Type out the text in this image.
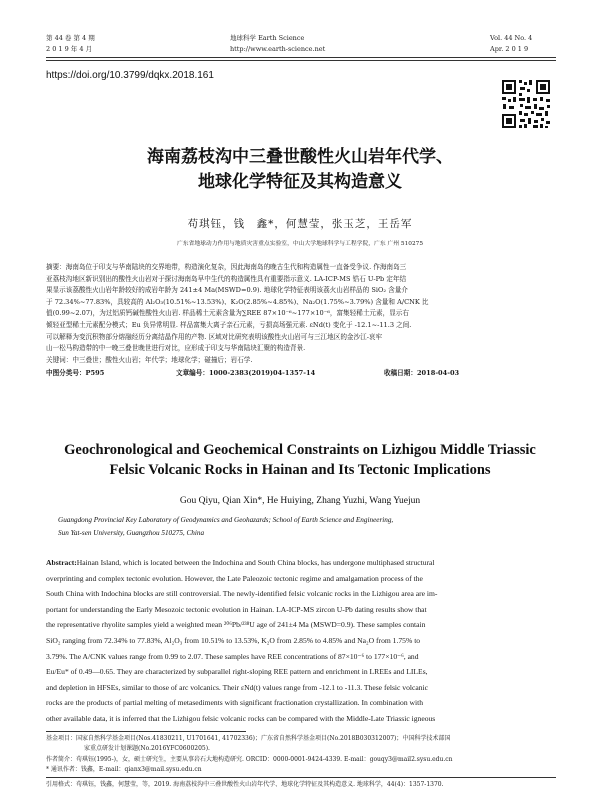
第 44 卷 第 4 期
2 0 1 9 年 4 月
地球科学 Earth Science
http://www.earth-science.net
Vol. 44 No. 4
Apr. 2 0 1 9
https://doi.org/10.3799/dqkx.2018.161
海南荔枝沟中三叠世酸性火山岩年代学、
地球化学特征及其构造意义
苟琪钰，钱　鑫*，何慧莹，张玉芝，王岳军
广东省地球动力作用与地质灾害重点实验室，中山大学地球科学与工程学院，广东 广州 510275
摘要：海南岛位于印支与华南陆块的交界地带，构造演化复杂，因此海南岛的晚古生代和构造属性一直备受争议. 作海南岛三
亚荔枝沟地区新识别出的酸性火山岩对于探讨海南岛早中生代的构造属性具有重要指示意义. LA-ICP-MS 锆石 U-Pb 定年结
果显示该荔酸性火山岩年龄较好的成岩年龄为 241±4 Ma(MSWD=0.9). 地球化学特征表明该荔火山岩样品的 SiO₂ 含量介
于 72.34%~77.83%，具较高的 Al₂O₃(10.51%~13.53%)、K₂O(2.85%~4.85%)、Na₂O(1.75%~3.79%) 含量和 A/CNK 比
值(0.99~2.07)，为过铝质钙碱性酸性火山岩. 样品稀土元素含量为∑REE 87×10⁻⁶~177×10⁻⁶，富集轻稀土元素，显示右
倾轻亚型稀土元素配分模式；Eu 负异常明显. 样品富集大离子亲石元素，亏损高场强元素. εNd(t) 变化于 -12.1~-11.3 之间.
可以解释为变沉积物部分熔融经历分离结晶作用的产物. 区域对比研究表明该酸性火山岩可与三江地区的金沙江-哀牢
山一松马构造带的中一晚三叠世晚世进行对比，应形成于印支与华南陆块汇聚的构造背景.
关键词：中三叠世；酸性火山岩；年代学；地球化学；碰撞后；岩石学.
中图分类号：P595	文章编号：1000-2383(2019)04-1357-14	收稿日期：2018-04-03
Geochronological and Geochemical Constraints on Lizhigou Middle Triassic
Felsic Volcanic Rocks in Hainan and Its Tectonic Implications
Gou Qiyu, Qian Xin*, He Huiying, Zhang Yuzhi, Wang Yuejun
Guangdong Provincial Key Laboratory of Geodynamics and Geohazards; School of Earth Science and Engineering,
Sun Yat-sen University, Guangzhou 510275, China
Abstract:Hainan Island, which is located between the Indochina and South China blocks, has undergone multiphased structural
overprinting and complex tectonic evolution. However, the Late Paleozoic tectonic regime and amalgamation process of the
South China with Indochina blocks are still controversial. The newly-identified felsic volcanic rocks in the Lizhigou area are im-
portant for understanding the Early Mesozoic tectonic evolution in Hainan. LA-ICP-MS zircon U-Pb dating results show that
the representative rhyolite samples yield a weighted mean ²⁰⁶Pb/²³⁸U age of 241±4 Ma (MSWD=0.9). These samples contain
SiO₂ ranging from 72.34% to 77.83%, Al₂O₃ from 10.51% to 13.53%, K₂O from 2.85% to 4.85% and Na₂O from 1.75% to
3.79%. The A/CNK values range from 0.99 to 2.07. These samples have REE concentrations of 87×10⁻⁶ to 177×10⁻⁶, and
Eu/Eu* of 0.49—0.65. They are characterized by subparallel right-sloping REE pattern and enrichment in LREEs and LILEs,
and depletion in HFSEs, similar to those of arc volcanics. Their εNd(t) values range from -12.1 to -11.3. These felsic volcanic
rocks are the products of partial melting of metasediments with significant fractionation crystallization. In combination with
other available data, it is inferred that the Lizhigou felsic volcanic rocks can be compared with the Middle-Late Triassic igneous
基金项目：国家自然科学基金项目(Nos.41830211, U1701641, 41702336)；广东省自然科学基金项目(No.2018B030312007)；中国科学技术部国
家重点研发计划课题(No.2016YFC0600205).
作者简介：苟琪钰(1995-)，女，硕士研究生，主要从事岩石大地构造研究. ORCID：0000-0001-9424-4339. E-mail：gouqy3@mail2.sysu.edu.cn
* 通讯作者：钱鑫，E-mail：qianx3@mail.sysu.edu.cn
引用格式：苟琪钰，钱鑫，何慧莹，等，2019. 海南荔枝沟中三叠世酸性火山岩年代学、地球化学特征及其构造意义. 地球科学，44(4)：1357-1370.
